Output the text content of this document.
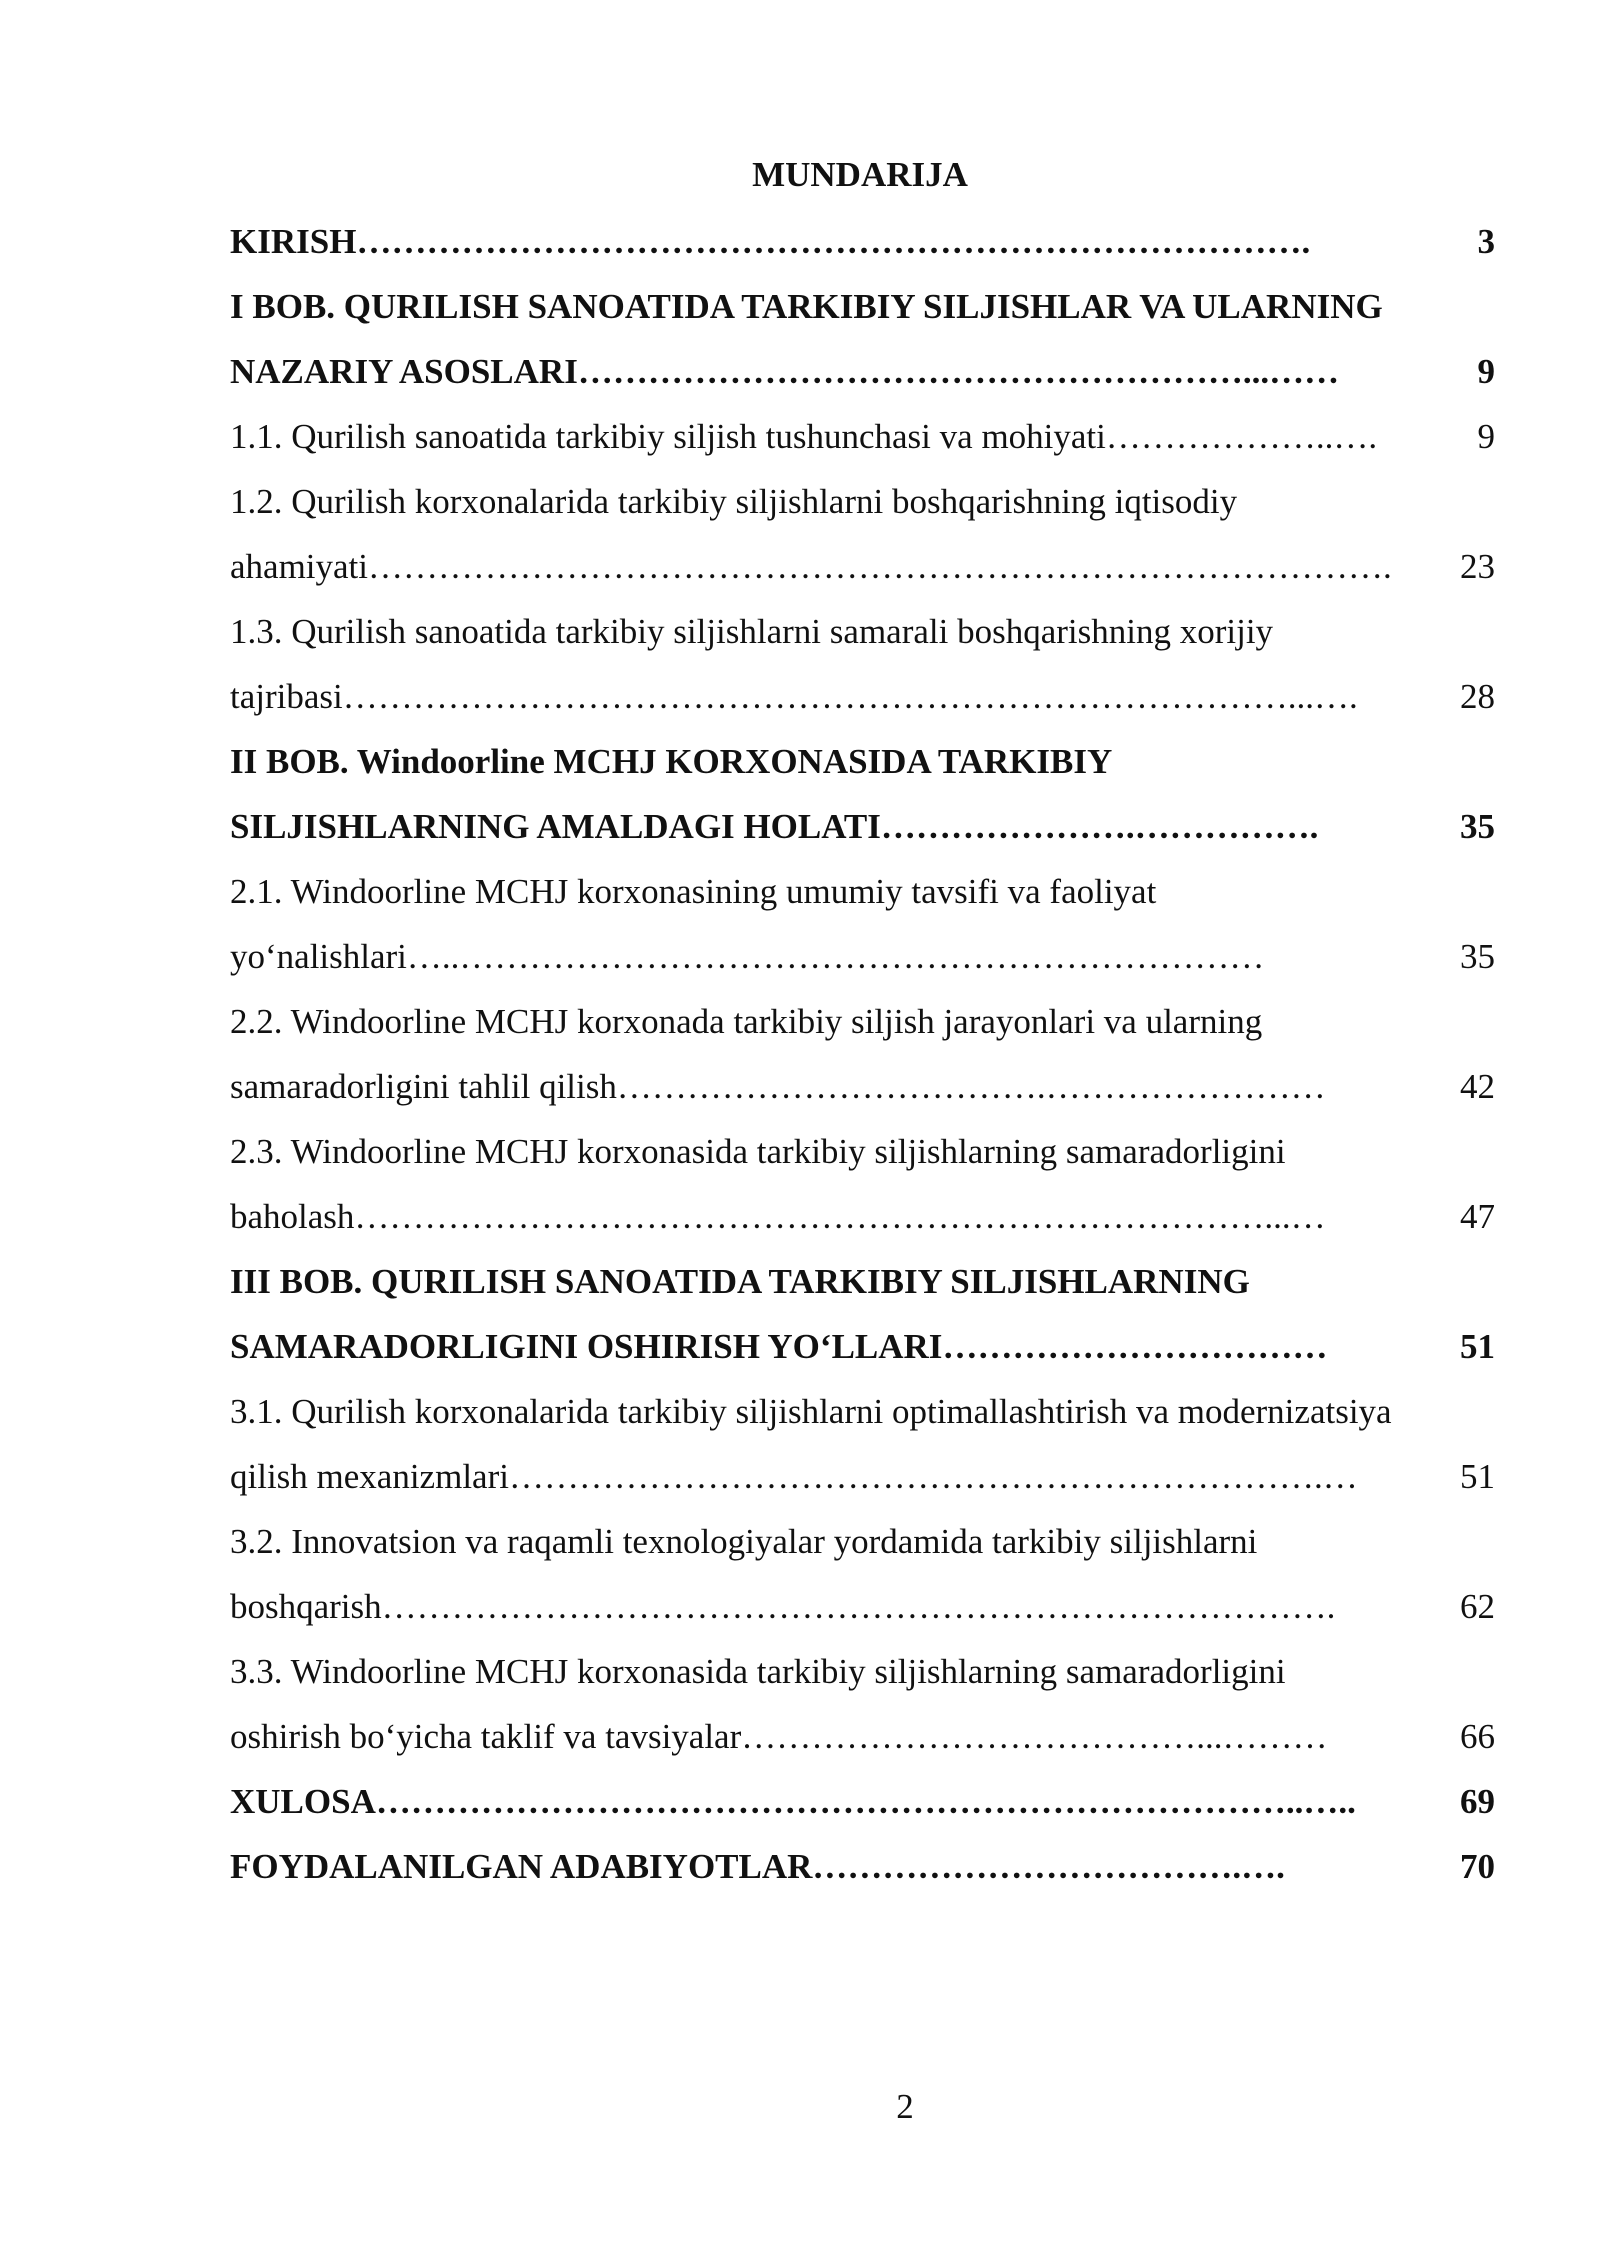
MUNDARIJA
KIRISH ……………………………………………………………………….	3
I BOB. QURILISH SANOATIDA TARKIBIY SILJISHLAR VA ULARNING
NAZARIY ASOSLARI …………………………………………………...……	9
1.1. Qurilish sanoatida tarkibiy siljish tushunchasi va mohiyati ………………..….	9
1.2. Qurilish korxonalarida tarkibiy siljishlarni boshqarishning iqtisodiy
ahamiyati …………………………………………………………………………….	23
1.3. Qurilish sanoatida tarkibiy siljishlarni samarali boshqarishning xorijiy
tajribasi ………………………………………………………………………...….	28
II BOB. Windoorline MCHJ KORXONASIDA TARKIBIY
SILJISHLARNING AMALDAGI HOLATI ………………….…………….	35
2.1. Windoorline MCHJ korxonasining umumiy tavsifi va faoliyat
yo‘nalishlari …..……………………………………………………………	35
2.2. Windoorline MCHJ korxonada tarkibiy siljish jarayonlari va ularning
samaradorligini tahlil qilish ……………………………….……………………	42
2.3. Windoorline MCHJ korxonasida tarkibiy siljishlarning samaradorligini
baholash ……………………………………………………………………...…	47
III BOB. QURILISH SANOATIDA TARKIBIY SILJISHLARNING
SAMARADORLIGINI OSHIRISH YO‘LLARI ……………………………	51
3.1. Qurilish korxonalarida tarkibiy siljishlarni optimallashtirish va modernizatsiya
qilish mexanizmlari …………………………………………………………….…	51
3.2. Innovatsion va raqamli texnologiyalar yordamida tarkibiy siljishlarni
boshqarish ……………………………………………………………………….	62
3.3. Windoorline MCHJ korxonasida tarkibiy siljishlarning samaradorligini
oshirish bo‘yicha taklif va tavsiyalar …………………………………...………	66
XULOSA ……………………………………………………………………..…..	69
FOYDALANILGAN ADABIYOTLAR ……………………………….….	70
2
